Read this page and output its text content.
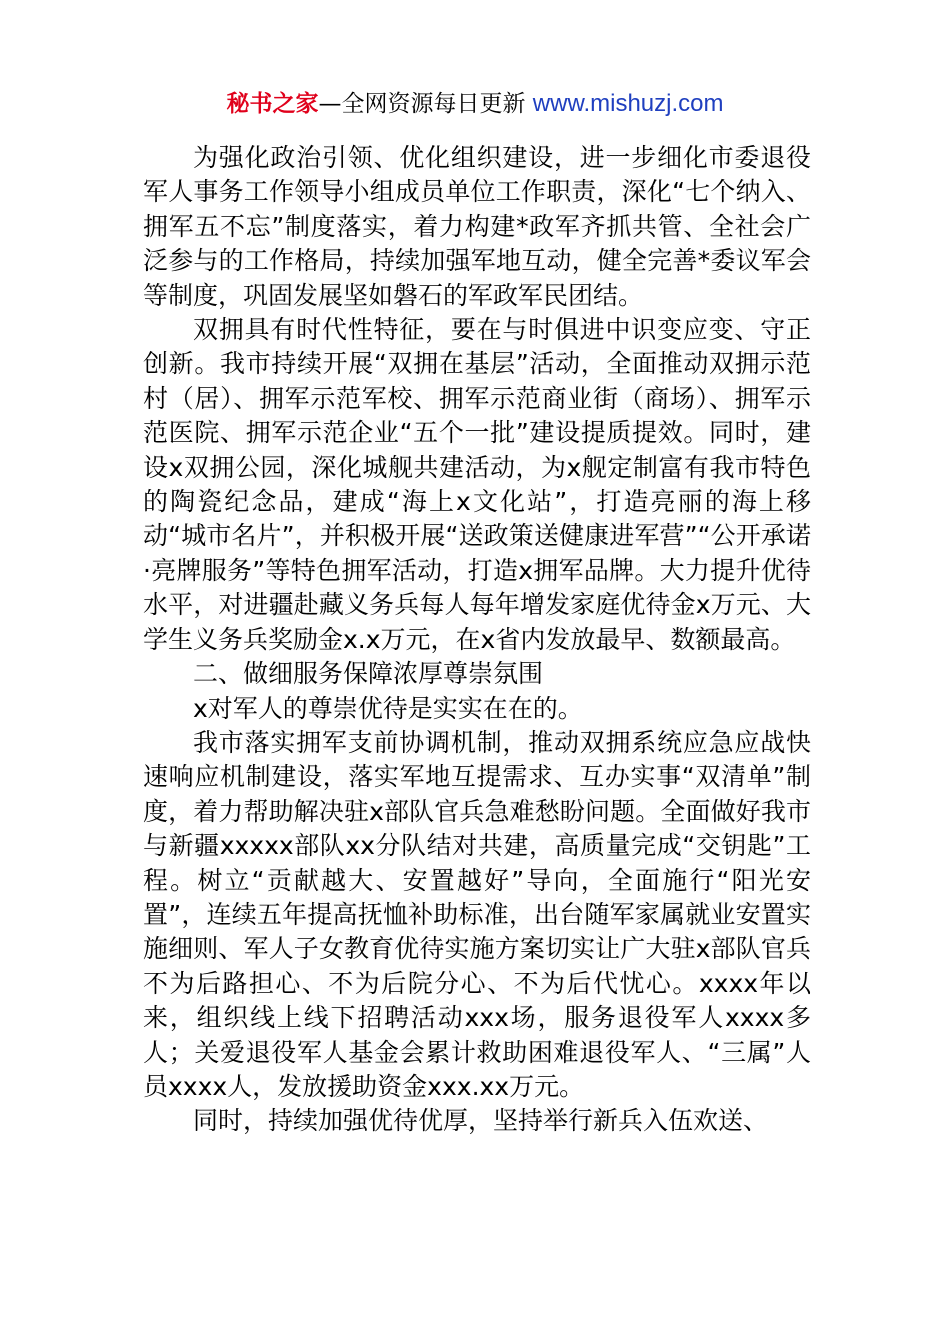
秘书之家—全网资源每日更新 www.mishuzj.com

为强化政治引领、优化组织建设，进一步细化市委退役军人事务工作领导小组成员单位工作职责，深化“七个纳入、拥军五不忘”制度落实，着力构建*政军齐抓共管、全社会广泛参与的工作格局，持续加强军地互动，健全完善*委议军会等制度，巩固发展坚如磐石的军政军民团结。

双拥具有时代性特征，要在与时俱进中识变应变、守正创新。我市持续开展“双拥在基层”活动，全面推动双拥示范村（居）、拥军示范军校、拥军示范商业街（商场）、拥军示范医院、拥军示范企业“五个一批”建设提质提效。同时，建设x双拥公园，深化城舰共建活动，为x舰定制富有我市特色的陶瓷纪念品，建成“海上x文化站”，打造亮丽的海上移动“城市名片”，并积极开展“送政策送健康进军营”“公开承诺·亮牌服务”等特色拥军活动，打造x拥军品牌。大力提升优待水平，对进疆赴藏义务兵每人每年增发家庭优待金x万元、大学生义务兵奖励金x.x万元，在x省内发放最早、数额最高。

二、做细服务保障浓厚尊崇氛围

x对军人的尊崇优待是实实在在的。

我市落实拥军支前协调机制，推动双拥系统应急应战快速响应机制建设，落实军地互提需求、互办实事“双清单”制度，着力帮助解决驻x部队官兵急难愁盼问题。全面做好我市与新疆xxxxx部队xx分队结对共建，高质量完成“交钥匙”工程。树立“贡献越大、安置越好”导向，全面施行“阳光安置”，连续五年提高抚恤补助标准，出台随军家属就业安置实施细则、军人子女教育优待实施方案切实让广大驻x部队官兵不为后路担心、不为后院分心、不为后代忧心。xxxx年以来，组织线上线下招聘活动xxx场，服务退役军人xxxx多人；关爱退役军人基金会累计救助困难退役军人、“三属”人员xxxx人，发放援助资金xxx.xx万元。

同时，持续加强优待优厚，坚持举行新兵入伍欢送、
